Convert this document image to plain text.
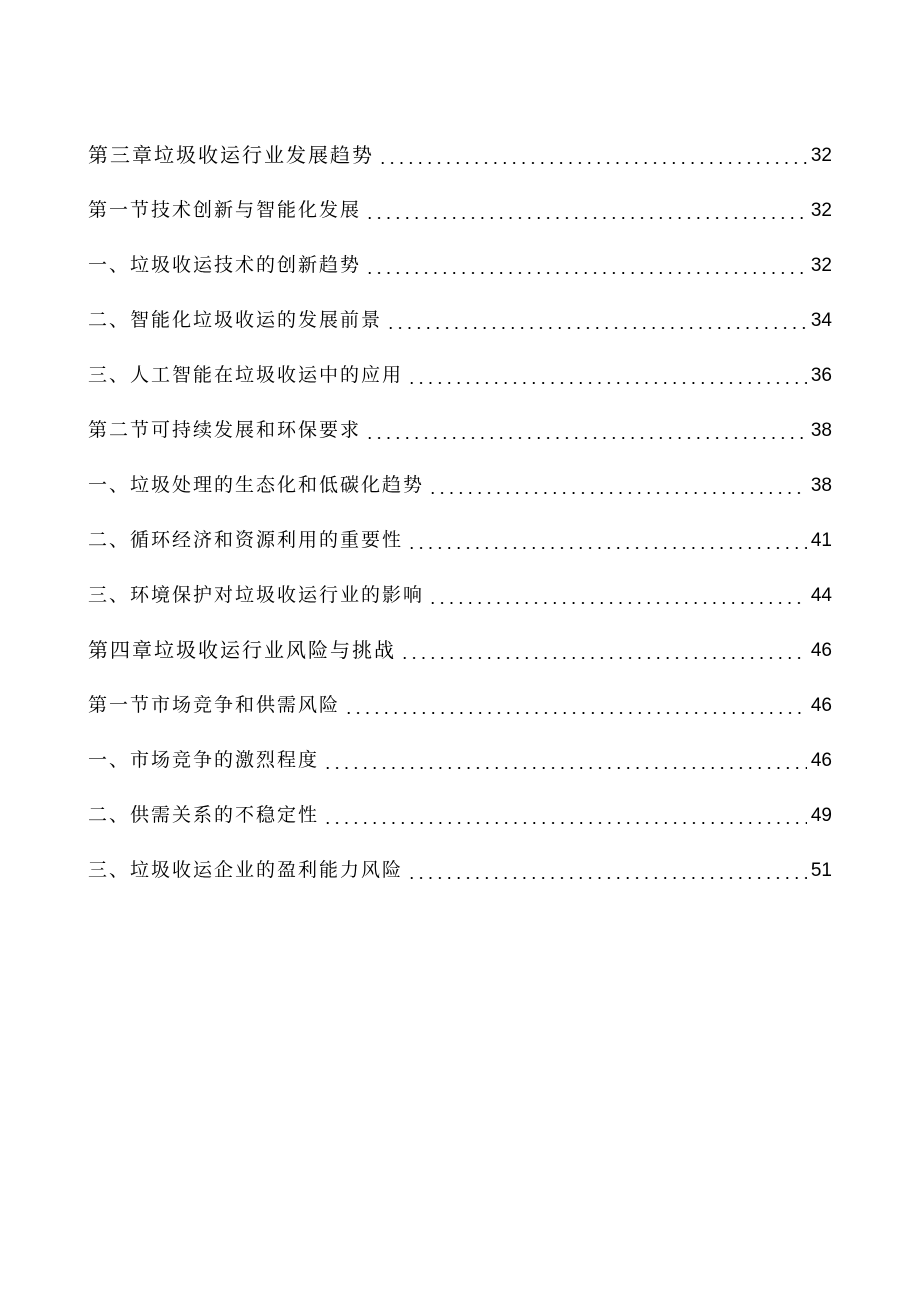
第三章垃圾收运行业发展趋势	32
第一节技术创新与智能化发展	32
一、垃圾收运技术的创新趋势	32
二、智能化垃圾收运的发展前景	34
三、人工智能在垃圾收运中的应用	36
第二节可持续发展和环保要求	38
一、垃圾处理的生态化和低碳化趋势	38
二、循环经济和资源利用的重要性	41
三、环境保护对垃圾收运行业的影响	44
第四章垃圾收运行业风险与挑战	46
第一节市场竞争和供需风险	46
一、市场竞争的激烈程度	46
二、供需关系的不稳定性	49
三、垃圾收运企业的盈利能力风险	51
